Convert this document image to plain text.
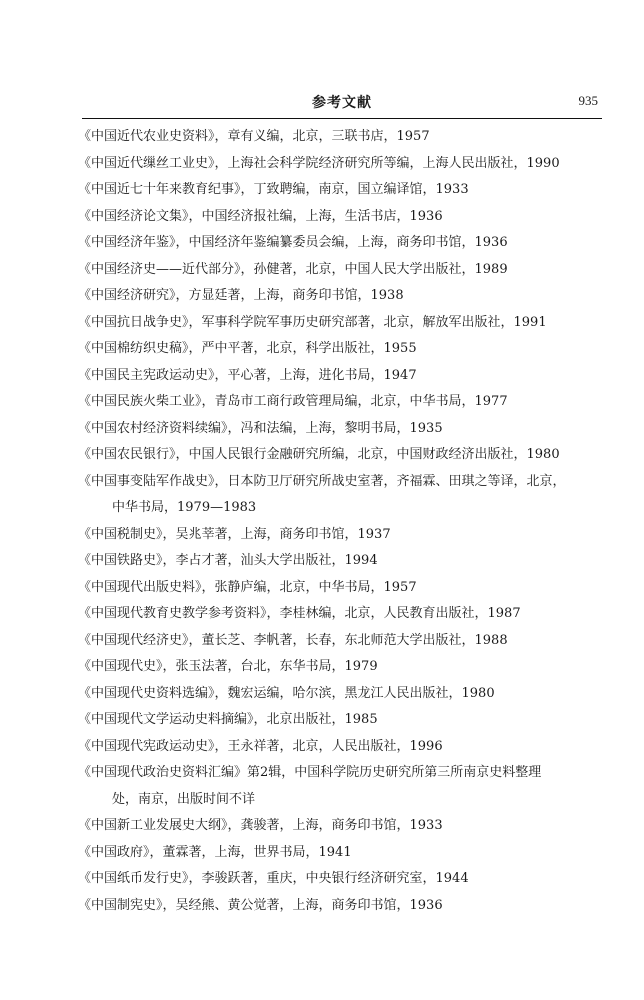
参考文献	935
《中国近代农业史资料》，章有义编，北京，三联书店，1957
《中国近代缫丝工业史》，上海社会科学院经济研究所等编，上海人民出版社，1990
《中国近七十年来教育纪事》，丁致聘编，南京，国立编译馆，1933
《中国经济论文集》，中国经济报社编，上海，生活书店，1936
《中国经济年鉴》，中国经济年鉴编纂委员会编，上海，商务印书馆，1936
《中国经济史——近代部分》，孙健著，北京，中国人民大学出版社，1989
《中国经济研究》，方显廷著，上海，商务印书馆，1938
《中国抗日战争史》，军事科学院军事历史研究部著，北京，解放军出版社，1991
《中国棉纺织史稿》，严中平著，北京，科学出版社，1955
《中国民主宪政运动史》，平心著，上海，进化书局，1947
《中国民族火柴工业》，青岛市工商行政管理局编，北京，中华书局，1977
《中国农村经济资料续编》，冯和法编，上海，黎明书局，1935
《中国农民银行》，中国人民银行金融研究所编，北京，中国财政经济出版社，1980
《中国事变陆军作战史》，日本防卫厅研究所战史室著，齐福霖、田琪之等译，北京，
中华书局，1979—1983
《中国税制史》，吴兆莘著，上海，商务印书馆，1937
《中国铁路史》，李占才著，汕头大学出版社，1994
《中国现代出版史料》，张静庐编，北京，中华书局，1957
《中国现代教育史教学参考资料》，李桂林编，北京，人民教育出版社，1987
《中国现代经济史》，董长芝、李帆著，长春，东北师范大学出版社，1988
《中国现代史》，张玉法著，台北，东华书局，1979
《中国现代史资料选编》，魏宏运编，哈尔滨，黑龙江人民出版社，1980
《中国现代文学运动史料摘编》，北京出版社，1985
《中国现代宪政运动史》，王永祥著，北京，人民出版社，1996
《中国现代政治史资料汇编》第2辑，中国科学院历史研究所第三所南京史料整理
处，南京，出版时间不详
《中国新工业发展史大纲》，龚骏著，上海，商务印书馆，1933
《中国政府》，董霖著，上海，世界书局，1941
《中国纸币发行史》，李骏跃著，重庆，中央银行经济研究室，1944
《中国制宪史》，吴经熊、黄公觉著，上海，商务印书馆，1936
